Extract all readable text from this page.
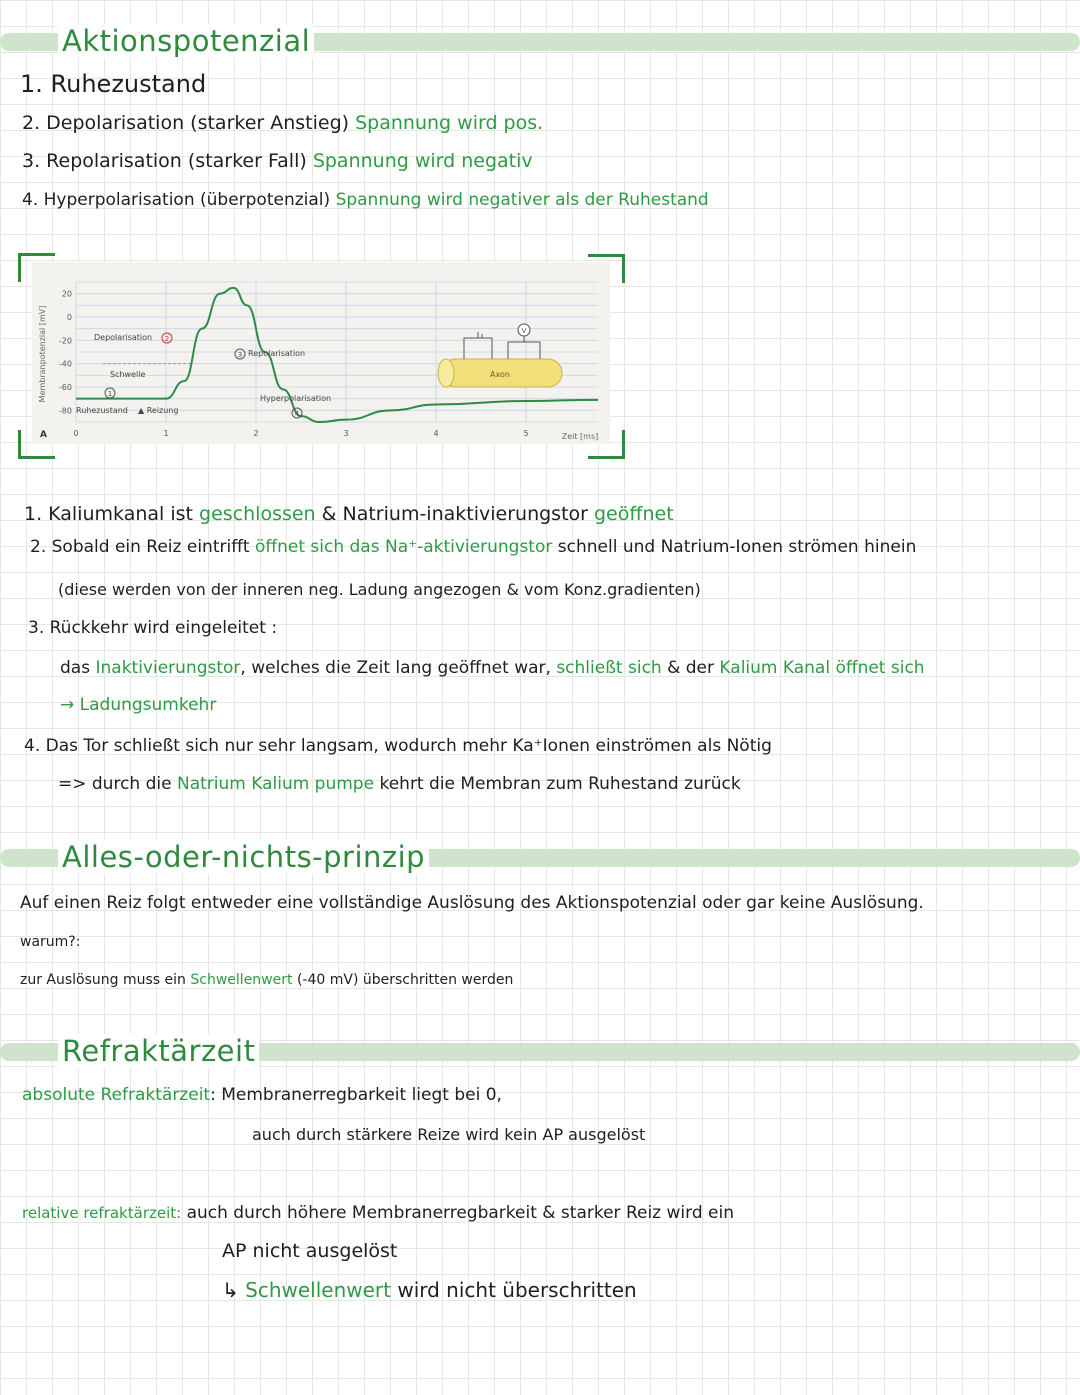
Aktionspotenzial
1. Ruhezustand
2. Depolarisation (starker Anstieg) Spannung wird pos.
3. Repolarisation (starker Fall) Spannung wird negativ
4. Hyperpolarisation (überpotenzial) Spannung wird negativer als der Ruhestand
Membranpotenzial [mV]
A	Zeit [ms]
20
0
-20
-40
-60
-80
0	1	2	3	4	5
Depolarisation 2
3 Repolarisation
Schwelle
1
Ruhezustand ▲ Reizung
Hyperpolarisation
4
Axon
V
1. Kaliumkanal ist geschlossen & Natrium-inaktivierungstor geöffnet
2. Sobald ein Reiz eintrifft öffnet sich das Na⁺-aktivierungstor schnell und Natrium-Ionen strömen hinein
(diese werden von der inneren neg. Ladung angezogen & vom Konz.gradienten)
3. Rückkehr wird eingeleitet :
das Inaktivierungstor, welches die Zeit lang geöffnet war, schließt sich & der Kalium Kanal öffnet sich
→ Ladungsumkehr
4. Das Tor schließt sich nur sehr langsam, wodurch mehr Ka⁺Ionen einströmen als Nötig
=> durch die Natrium Kalium pumpe kehrt die Membran zum Ruhestand zurück
Alles-oder-nichts-prinzip
Auf einen Reiz folgt entweder eine vollständige Auslösung des Aktionspotenzial oder gar keine Auslösung.
warum?:
zur Auslösung muss ein Schwellenwert (-40 mV) überschritten werden
Refraktärzeit
absolute Refraktärzeit: Membranerregbarkeit liegt bei 0,
auch durch stärkere Reize wird kein AP ausgelöst
relative refraktärzeit: auch durch höhere Membranerregbarkeit & starker Reiz wird ein
AP nicht ausgelöst
↳ Schwellenwert wird nicht überschritten
